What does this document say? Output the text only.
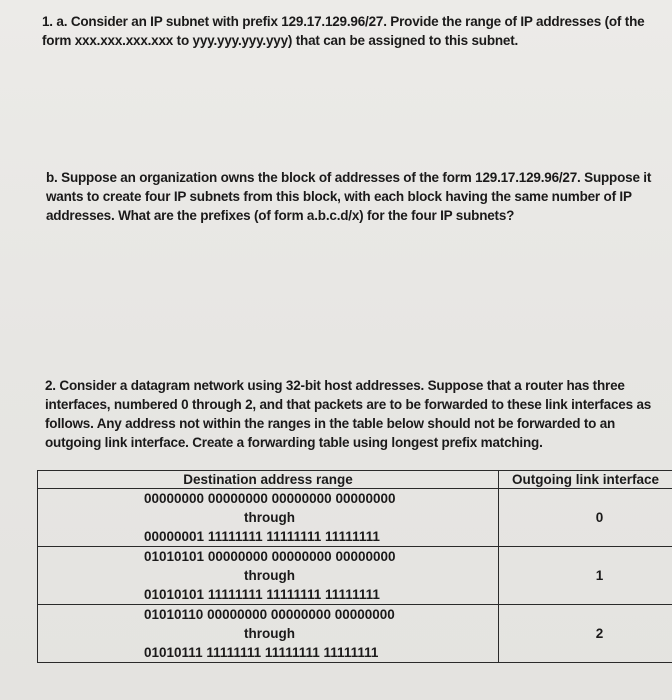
1. a. Consider an IP subnet with prefix 129.17.129.96/27. Provide the range of IP addresses (of the form xxx.xxx.xxx.xxx to yyy.yyy.yyy.yyy) that can be assigned to this subnet.
b. Suppose an organization owns the block of addresses of the form 129.17.129.96/27. Suppose it wants to create four IP subnets from this block, with each block having the same number of IP addresses. What are the prefixes (of form a.b.c.d/x) for the four IP subnets?
2. Consider a datagram network using 32-bit host addresses. Suppose that a router has three interfaces, numbered 0 through 2, and that packets are to be forwarded to these link interfaces as follows. Any address not within the ranges in the table below should not be forwarded to an outgoing link interface. Create a forwarding table using longest prefix matching.
Destination address range	Outgoing link interface

00000000 00000000 00000000 00000000
through
00000001 11111111 11111111 11111111	0

01010101 00000000 00000000 00000000
through
01010101 11111111 11111111 11111111	1

01010110 00000000 00000000 00000000
through
01010111 11111111 11111111 11111111	2
